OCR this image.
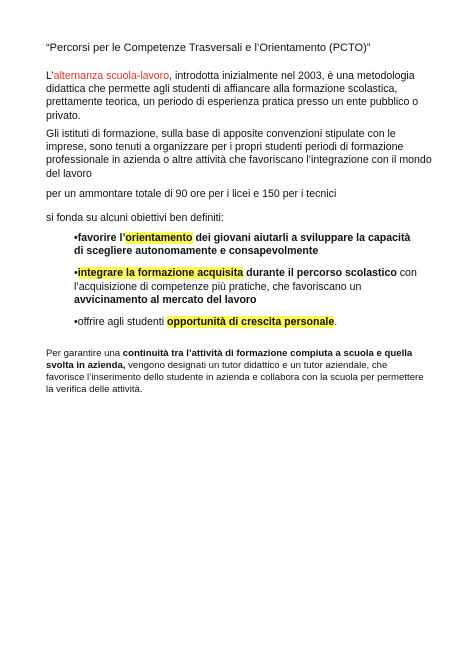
“Percorsi per le Competenze Trasversali e l’Orientamento (PCTO)”
L’alternanza scuola-lavoro, introdotta inizialmente nel 2003, è una metodologia didattica che permette agli studenti di affiancare alla formazione scolastica, prettamente teorica, un periodo di esperienza pratica presso un ente pubblico o privato.
Gli istituti di formazione, sulla base di apposite convenzioni stipulate con le imprese, sono tenuti a organizzare per i propri studenti periodi di formazione professionale in azienda o altre attività che favoriscano l’integrazione con il mondo del lavoro
per un ammontare totale di 90 ore per i licei e 150 per i tecnici
si fonda su alcuni obiettivi ben definiti:
•favorire l’orientamento dei giovani aiutarli a sviluppare la capacità di scegliere autonomamente e consapevolmente
•integrare la formazione acquisita durante il percorso scolastico con l’acquisizione di competenze più pratiche, che favoriscano un avvicinamento al mercato del lavoro
•offrire agli studenti opportunità di crescita personale.
Per garantire una continuità tra l’attività di formazione compiuta a scuola e quella svolta in azienda, vengono designati un tutor didattico e un tutor aziendale, che favorisce l’inserimento dello studente in azienda e collabora con la scuola per permettere la verifica delle attività.
